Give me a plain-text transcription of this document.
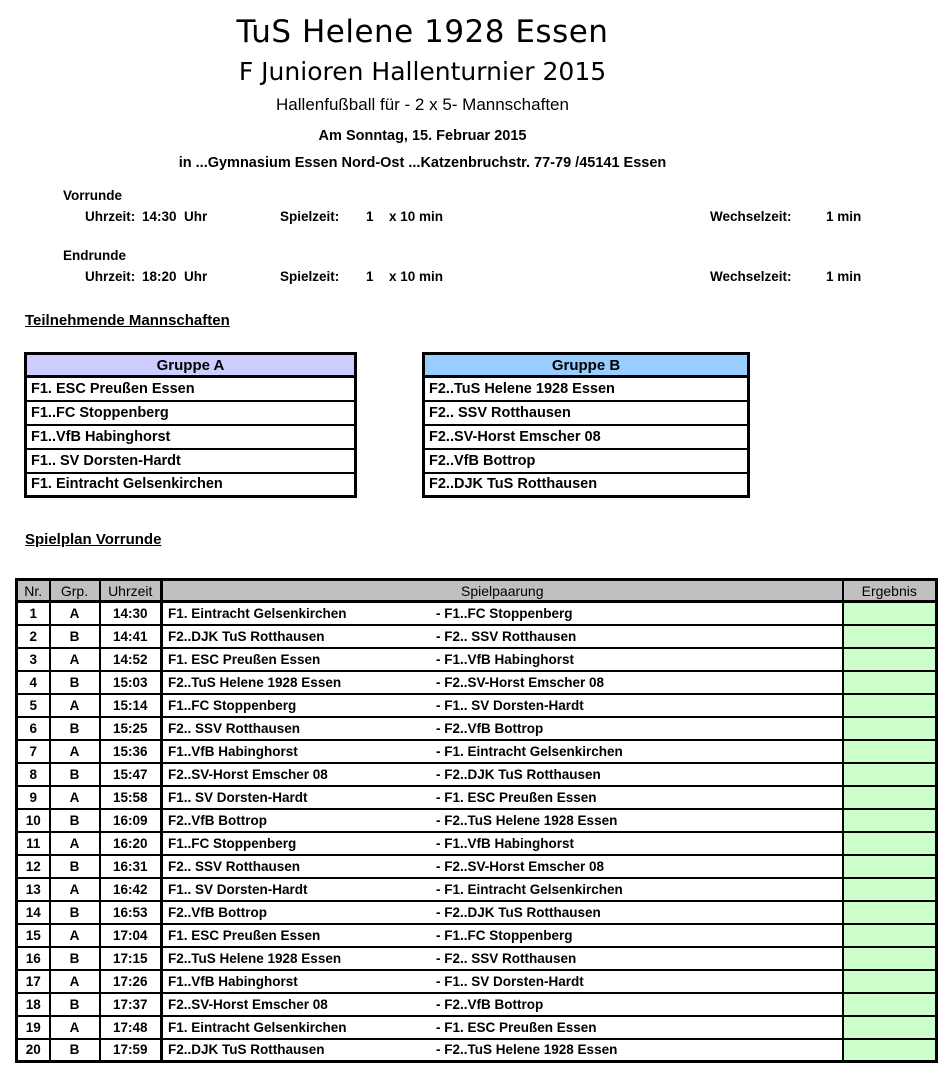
TuS Helene 1928 Essen
F Junioren Hallenturnier 2015
Hallenfußball für - 2 x 5- Mannschaften
Am Sonntag, 15. Februar 2015
in ...Gymnasium Essen Nord-Ost ...Katzenbruchstr. 77-79 /45141 Essen
Vorrunde
Uhrzeit: 14:30 Uhr	Spielzeit: 1 x 10 min	Wechselzeit:	1 min
Endrunde
Uhrzeit: 18:20 Uhr	Spielzeit: 1 x 10 min	Wechselzeit:	1 min
Teilnehmende Mannschaften
Gruppe A
F1. ESC Preußen Essen
F1..FC Stoppenberg
F1..VfB Habinghorst
F1.. SV Dorsten-Hardt
F1. Eintracht Gelsenkirchen
Gruppe B
F2..TuS Helene 1928 Essen
F2.. SSV Rotthausen
F2..SV-Horst Emscher 08
F2..VfB Bottrop
F2..DJK TuS Rotthausen
Spielplan Vorrunde
Nr.	Grp.	Uhrzeit	Spielpaarung	Ergebnis
1	A	14:30	F1. Eintracht Gelsenkirchen - F1..FC Stoppenberg	
2	B	14:41	F2..DJK TuS Rotthausen - F2.. SSV Rotthausen	
3	A	14:52	F1. ESC Preußen Essen - F1..VfB Habinghorst	
4	B	15:03	F2..TuS Helene 1928 Essen - F2..SV-Horst Emscher 08	
5	A	15:14	F1..FC Stoppenberg - F1.. SV Dorsten-Hardt	
6	B	15:25	F2.. SSV Rotthausen - F2..VfB Bottrop	
7	A	15:36	F1..VfB Habinghorst - F1. Eintracht Gelsenkirchen	
8	B	15:47	F2..SV-Horst Emscher 08 - F2..DJK TuS Rotthausen	
9	A	15:58	F1.. SV Dorsten-Hardt - F1. ESC Preußen Essen	
10	B	16:09	F2..VfB Bottrop - F2..TuS Helene 1928 Essen	
11	A	16:20	F1..FC Stoppenberg - F1..VfB Habinghorst	
12	B	16:31	F2.. SSV Rotthausen - F2..SV-Horst Emscher 08	
13	A	16:42	F1.. SV Dorsten-Hardt - F1. Eintracht Gelsenkirchen	
14	B	16:53	F2..VfB Bottrop - F2..DJK TuS Rotthausen	
15	A	17:04	F1. ESC Preußen Essen - F1..FC Stoppenberg	
16	B	17:15	F2..TuS Helene 1928 Essen - F2.. SSV Rotthausen	
17	A	17:26	F1..VfB Habinghorst - F1.. SV Dorsten-Hardt	
18	B	17:37	F2..SV-Horst Emscher 08 - F2..VfB Bottrop	
19	A	17:48	F1. Eintracht Gelsenkirchen - F1. ESC Preußen Essen	
20	B	17:59	F2..DJK TuS Rotthausen - F2..TuS Helene 1928 Essen	
